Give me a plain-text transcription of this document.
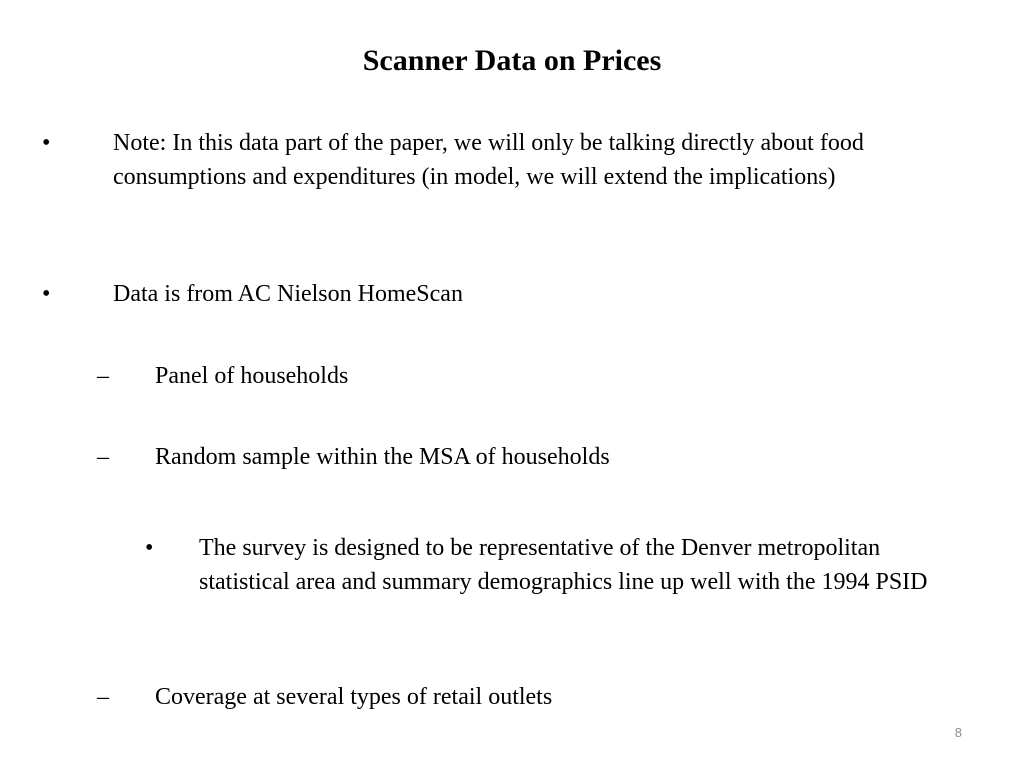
Scanner Data on Prices
•	Note: In this data part of the paper, we will only be talking directly about food consumptions and expenditures (in model, we will extend the implications)
•	Data is from AC Nielson HomeScan
– Panel of households
– Random sample within the MSA of households
• The survey is designed to be representative of the Denver metropolitan statistical area and summary demographics line up well with the 1994 PSID
– Coverage at several types of retail outlets
8
